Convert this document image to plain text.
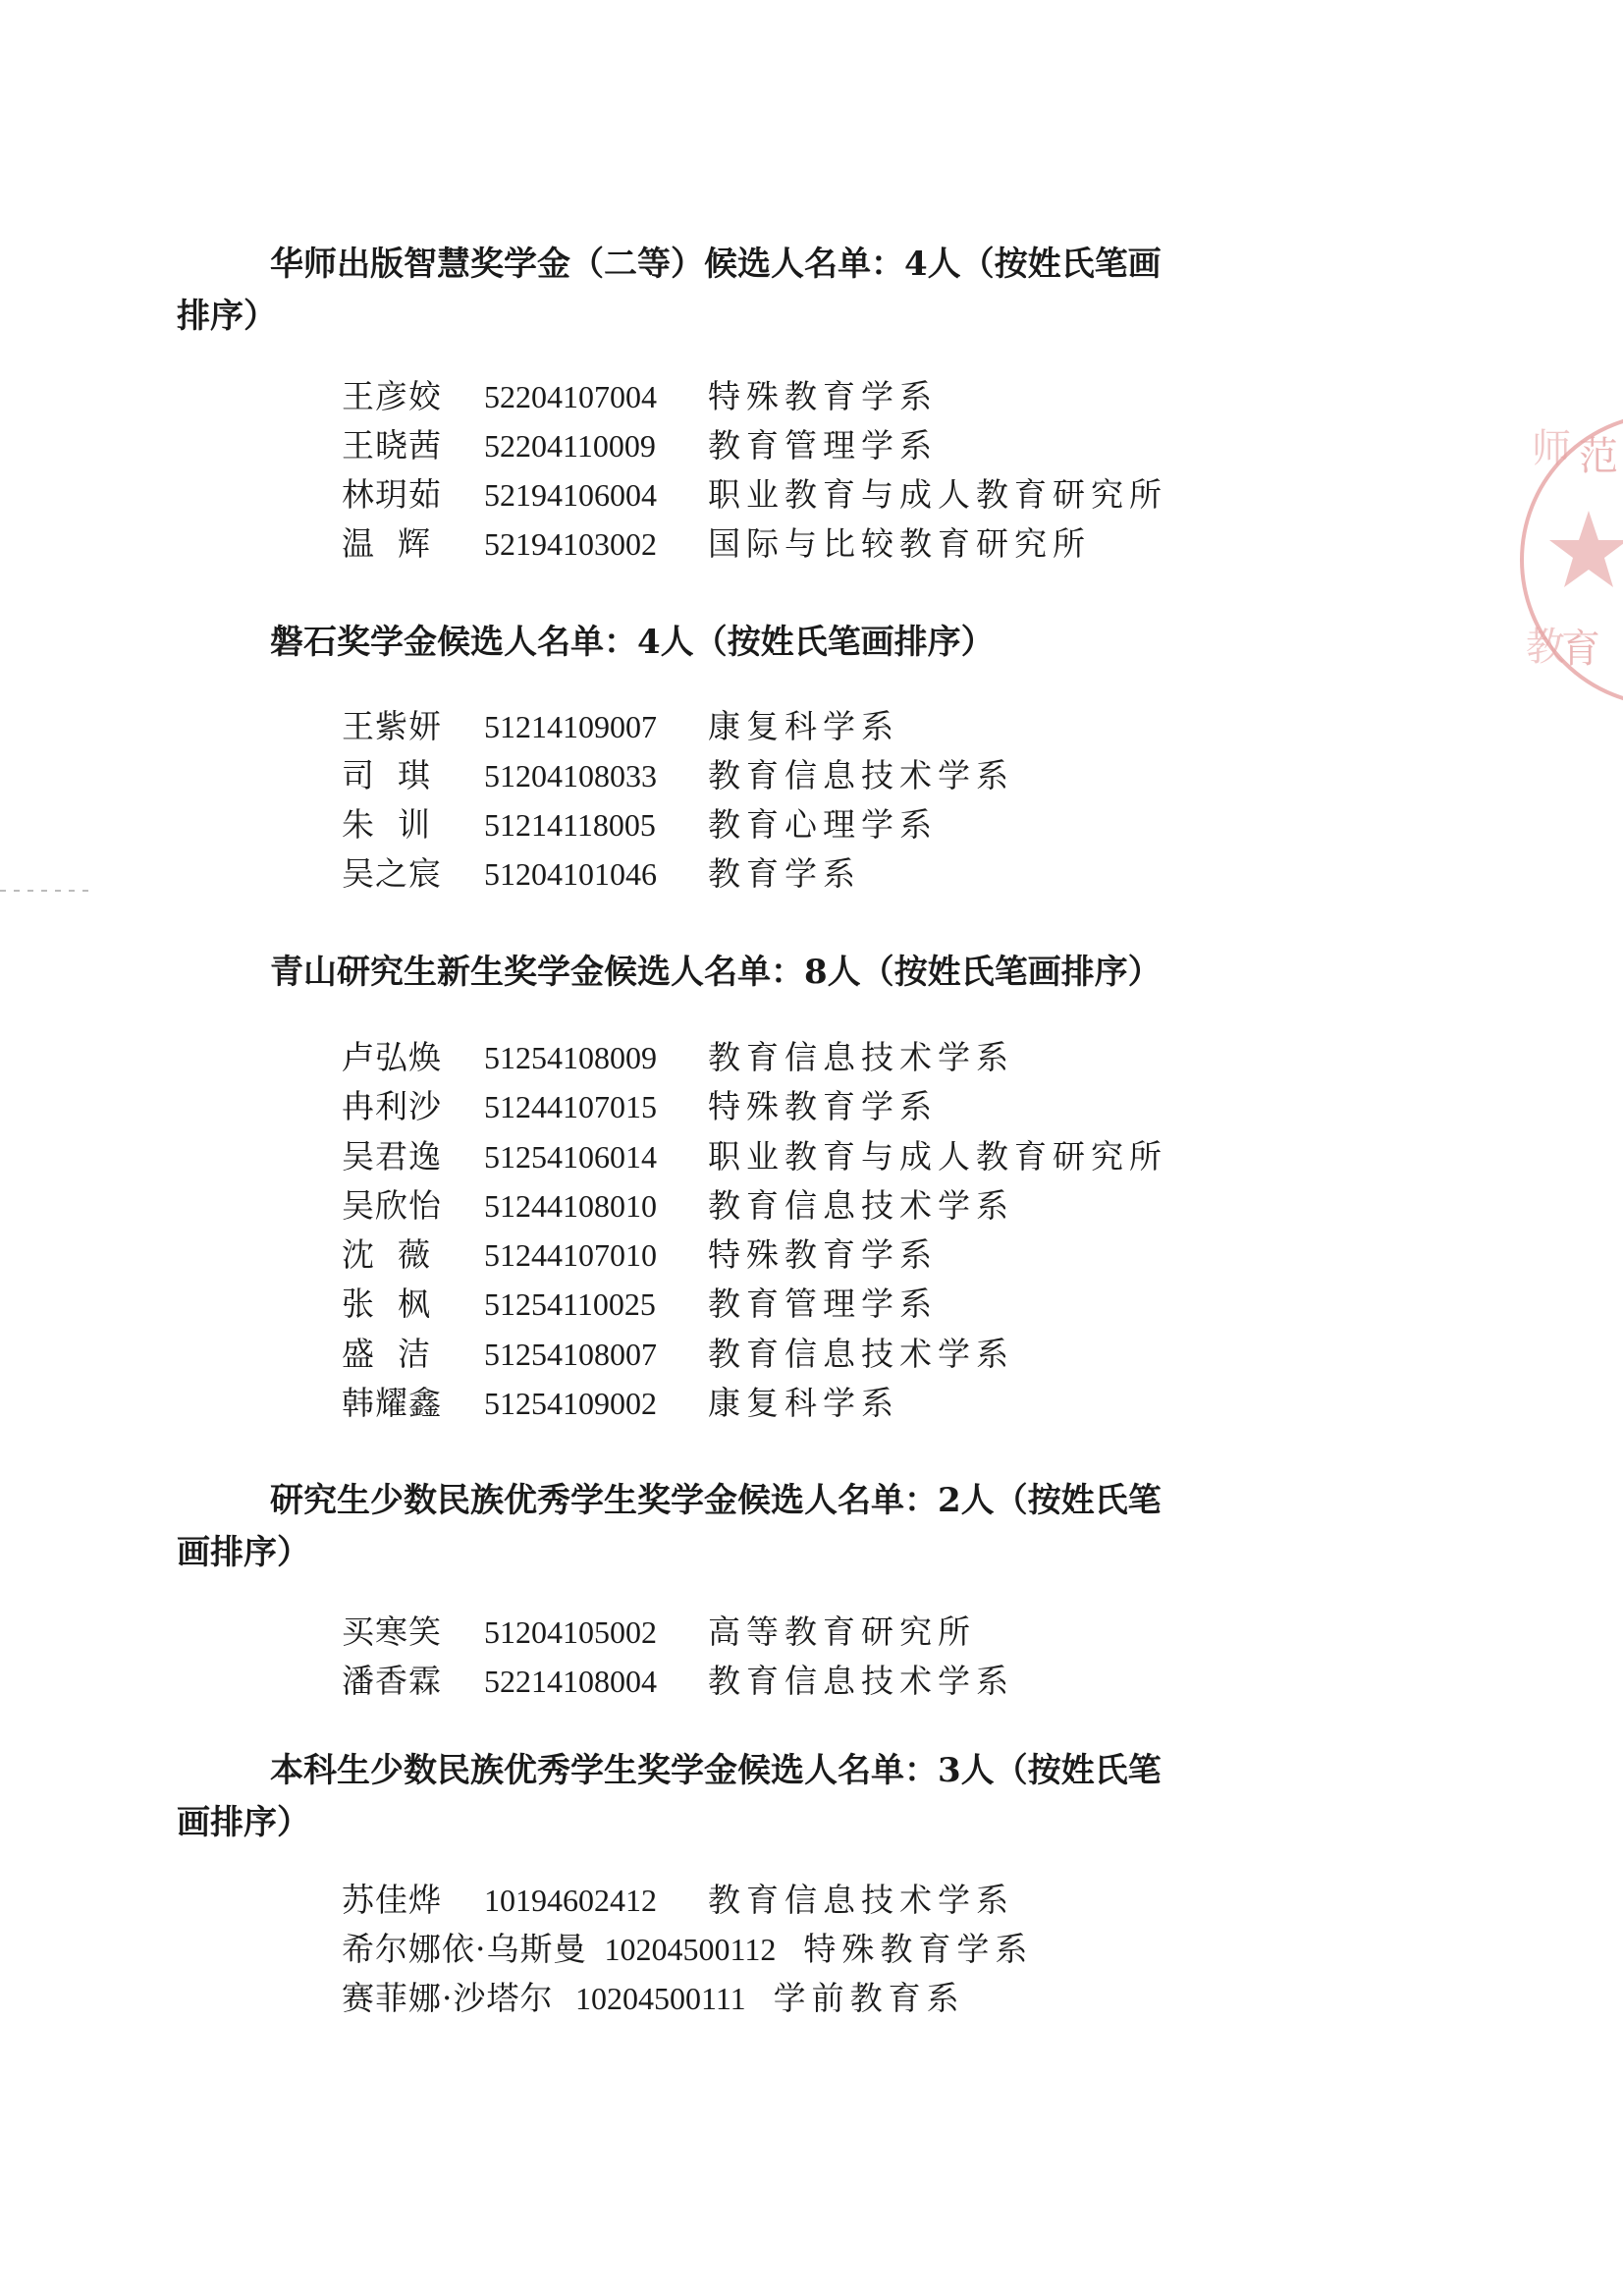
华师出版智慧奖学金（二等）候选人名单：4人（按姓氏笔画
排序）
王彦姣 52204107004 特殊教育学系
王晓茜 52204110009 教育管理学系
林玥茹 52194106004 职业教育与成人教育研究所
温  辉 52194103002 国际与比较教育研究所
磐石奖学金候选人名单：4人（按姓氏笔画排序）
王紫妍 51214109007 康复科学系
司  琪 51204108033 教育信息技术学系
朱  训 51214118005 教育心理学系
吴之宸 51204101046 教育学系
青山研究生新生奖学金候选人名单：8人（按姓氏笔画排序）
卢弘焕 51254108009 教育信息技术学系
冉利沙 51244107015 特殊教育学系
吴君逸 51254106014 职业教育与成人教育研究所
吴欣怡 51244108010 教育信息技术学系
沈  薇 51244107010 特殊教育学系
张  枫 51254110025 教育管理学系
盛  洁 51254108007 教育信息技术学系
韩耀鑫 51254109002 康复科学系
研究生少数民族优秀学生奖学金候选人名单：2人（按姓氏笔
画排序）
买寒笑 51204105002 高等教育研究所
潘香霖 52214108004 教育信息技术学系
本科生少数民族优秀学生奖学金候选人名单：3人（按姓氏笔
画排序）
苏佳烨 10194602412 教育信息技术学系
希尔娜依·乌斯曼 10204500112 特殊教育学系
赛菲娜·沙塔尔 10204500111 学前教育系
范
师
育
教
